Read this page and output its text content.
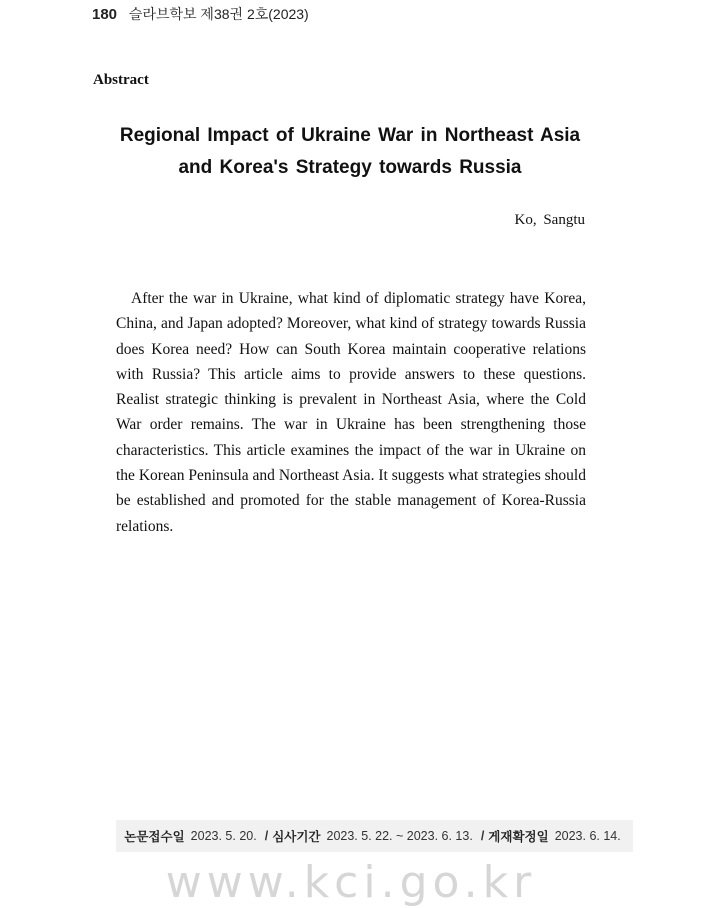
180 슬라브학보 제38권 2호(2023)
Abstract
Regional Impact of Ukraine War in Northeast Asia
and Korea's Strategy towards Russia
Ko, Sangtu

After the war in Ukraine, what kind of diplomatic strategy have Korea, China, and Japan adopted? Moreover, what kind of strategy towards Russia does Korea need? How can South Korea maintain cooperative relations with Russia? This article aims to provide answers to these questions. Realist strategic thinking is prevalent in Northeast Asia, where the Cold War order remains. The war in Ukraine has been strengthening those characteristics. This article examines the impact of the war in Ukraine on the Korean Peninsula and Northeast Asia. It suggests what strategies should be established and promoted for the stable management of Korea-Russia relations.

논문접수일 2023. 5. 20. / 심사기간 2023. 5. 22. ~ 2023. 6. 13. / 게재확정일 2023. 6. 14.
www.kci.go.kr
